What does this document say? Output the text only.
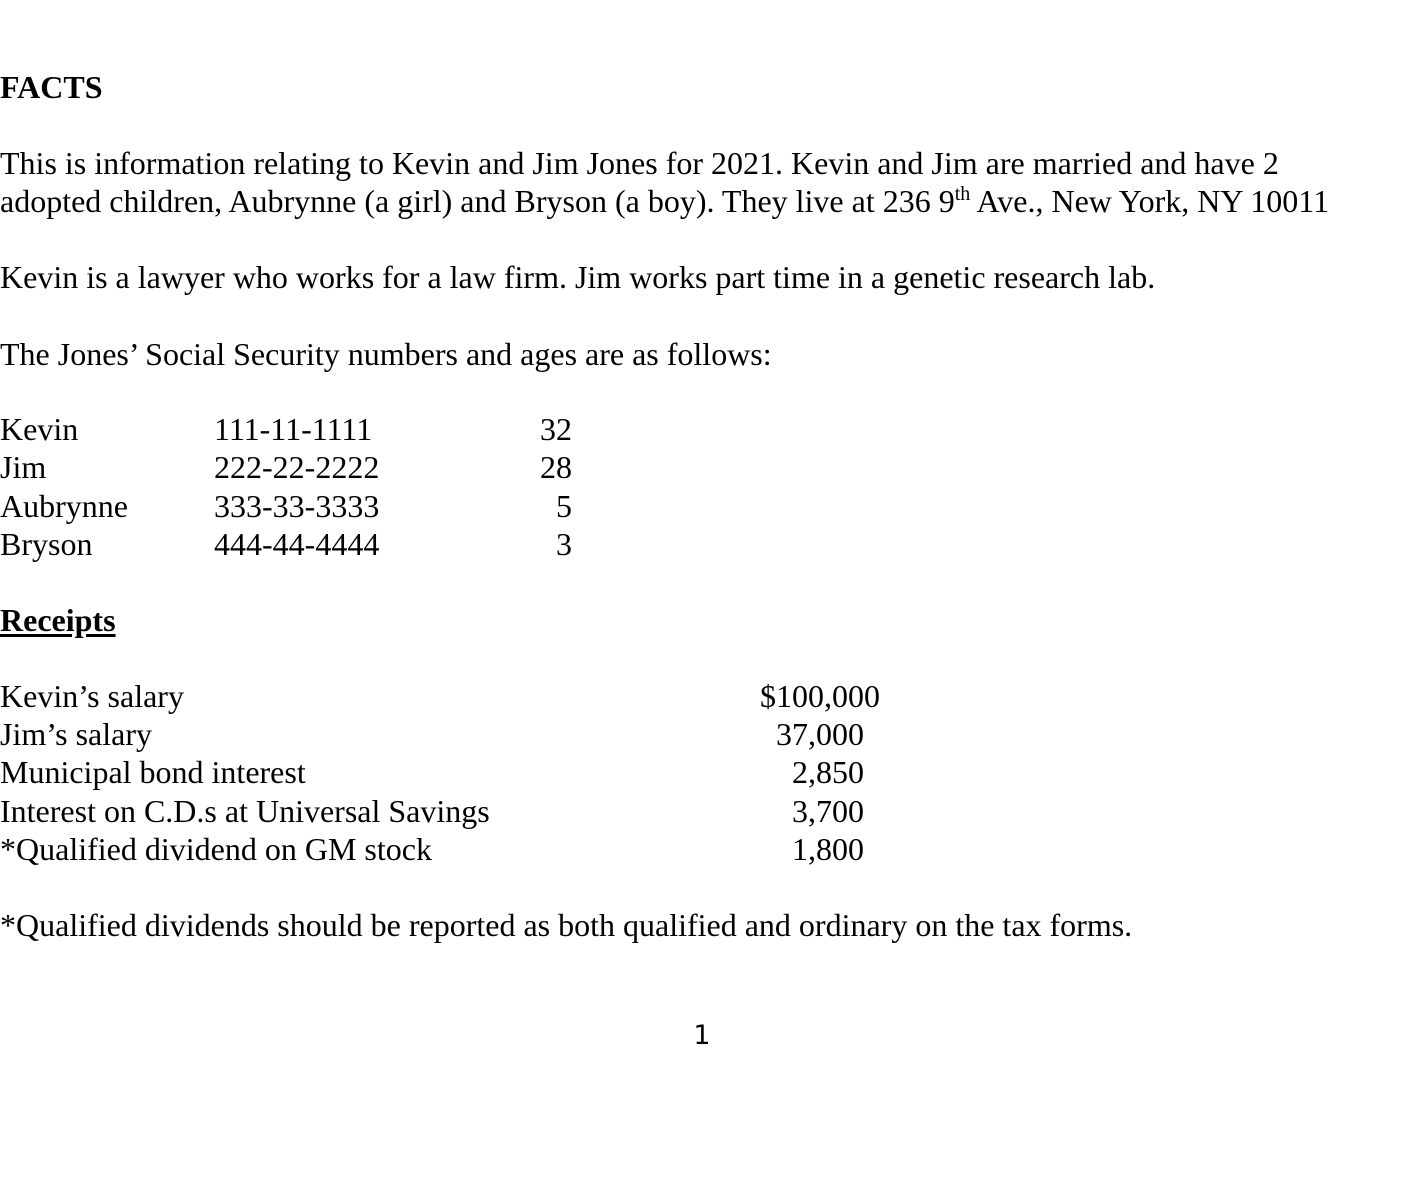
FACTS
This is information relating to Kevin and Jim Jones for 2021. Kevin and Jim are married and have 2
adopted children, Aubrynne (a girl) and Bryson (a boy). They live at 236 9th Ave., New York, NY 10011
Kevin is a lawyer who works for a law firm. Jim works part time in a genetic research lab.
The Jones’ Social Security numbers and ages are as follows:
Kevin	111-11-1111	32
Jim	222-22-2222	28
Aubrynne	333-33-3333	5
Bryson	444-44-4444	3
Receipts
Kevin’s salary	$100,000
Jim’s salary	37,000
Municipal bond interest	2,850
Interest on C.D.s at Universal Savings	3,700
*Qualified dividend on GM stock	1,800
*Qualified dividends should be reported as both qualified and ordinary on the tax forms.
1
